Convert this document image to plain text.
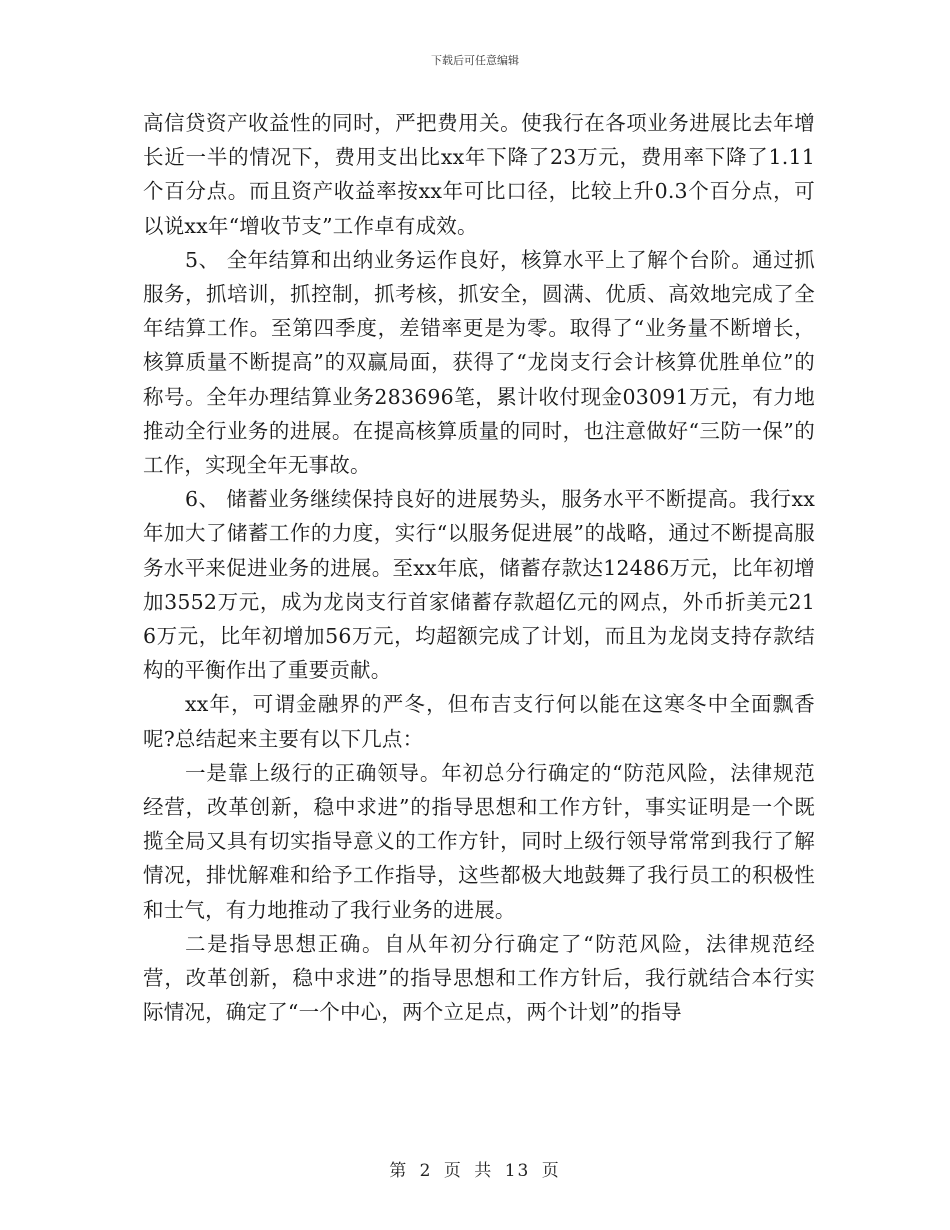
下载后可任意编辑

高信贷资产收益性的同时，严把费用关。使我行在各项业务进展比去年增长近一半的情况下，费用支出比xx年下降了23万元，费用率下降了1.11个百分点。而且资产收益率按xx年可比口径，比较上升0.3个百分点，可以说xx年“增收节支”工作卓有成效。

5、 全年结算和出纳业务运作良好，核算水平上了解个台阶。通过抓服务，抓培训，抓控制，抓考核，抓安全，圆满、优质、高效地完成了全年结算工作。至第四季度，差错率更是为零。取得了“业务量不断增长，核算质量不断提高”的双赢局面，获得了“龙岗支行会计核算优胜单位”的称号。全年办理结算业务283696笔，累计收付现金03091万元，有力地推动全行业务的进展。在提高核算质量的同时，也注意做好“三防一保”的工作，实现全年无事故。

6、 储蓄业务继续保持良好的进展势头，服务水平不断提高。我行xx年加大了储蓄工作的力度，实行“以服务促进展”的战略，通过不断提高服务水平来促进业务的进展。至xx年底，储蓄存款达12486万元，比年初增加3552万元，成为龙岗支行首家储蓄存款超亿元的网点，外币折美元216万元，比年初增加56万元，均超额完成了计划，而且为龙岗支持存款结构的平衡作出了重要贡献。

xx年，可谓金融界的严冬，但布吉支行何以能在这寒冬中全面飘香呢?总结起来主要有以下几点：

一是靠上级行的正确领导。年初总分行确定的“防范风险，法律规范经营，改革创新，稳中求进”的指导思想和工作方针，事实证明是一个既揽全局又具有切实指导意义的工作方针，同时上级行领导常常到我行了解情况，排忧解难和给予工作指导，这些都极大地鼓舞了我行员工的积极性和士气，有力地推动了我行业务的进展。

二是指导思想正确。自从年初分行确定了“防范风险，法律规范经营，改革创新，稳中求进”的指导思想和工作方针后，我行就结合本行实际情况，确定了“一个中心，两个立足点，两个计划”的指导

第 2 页 共 13 页
